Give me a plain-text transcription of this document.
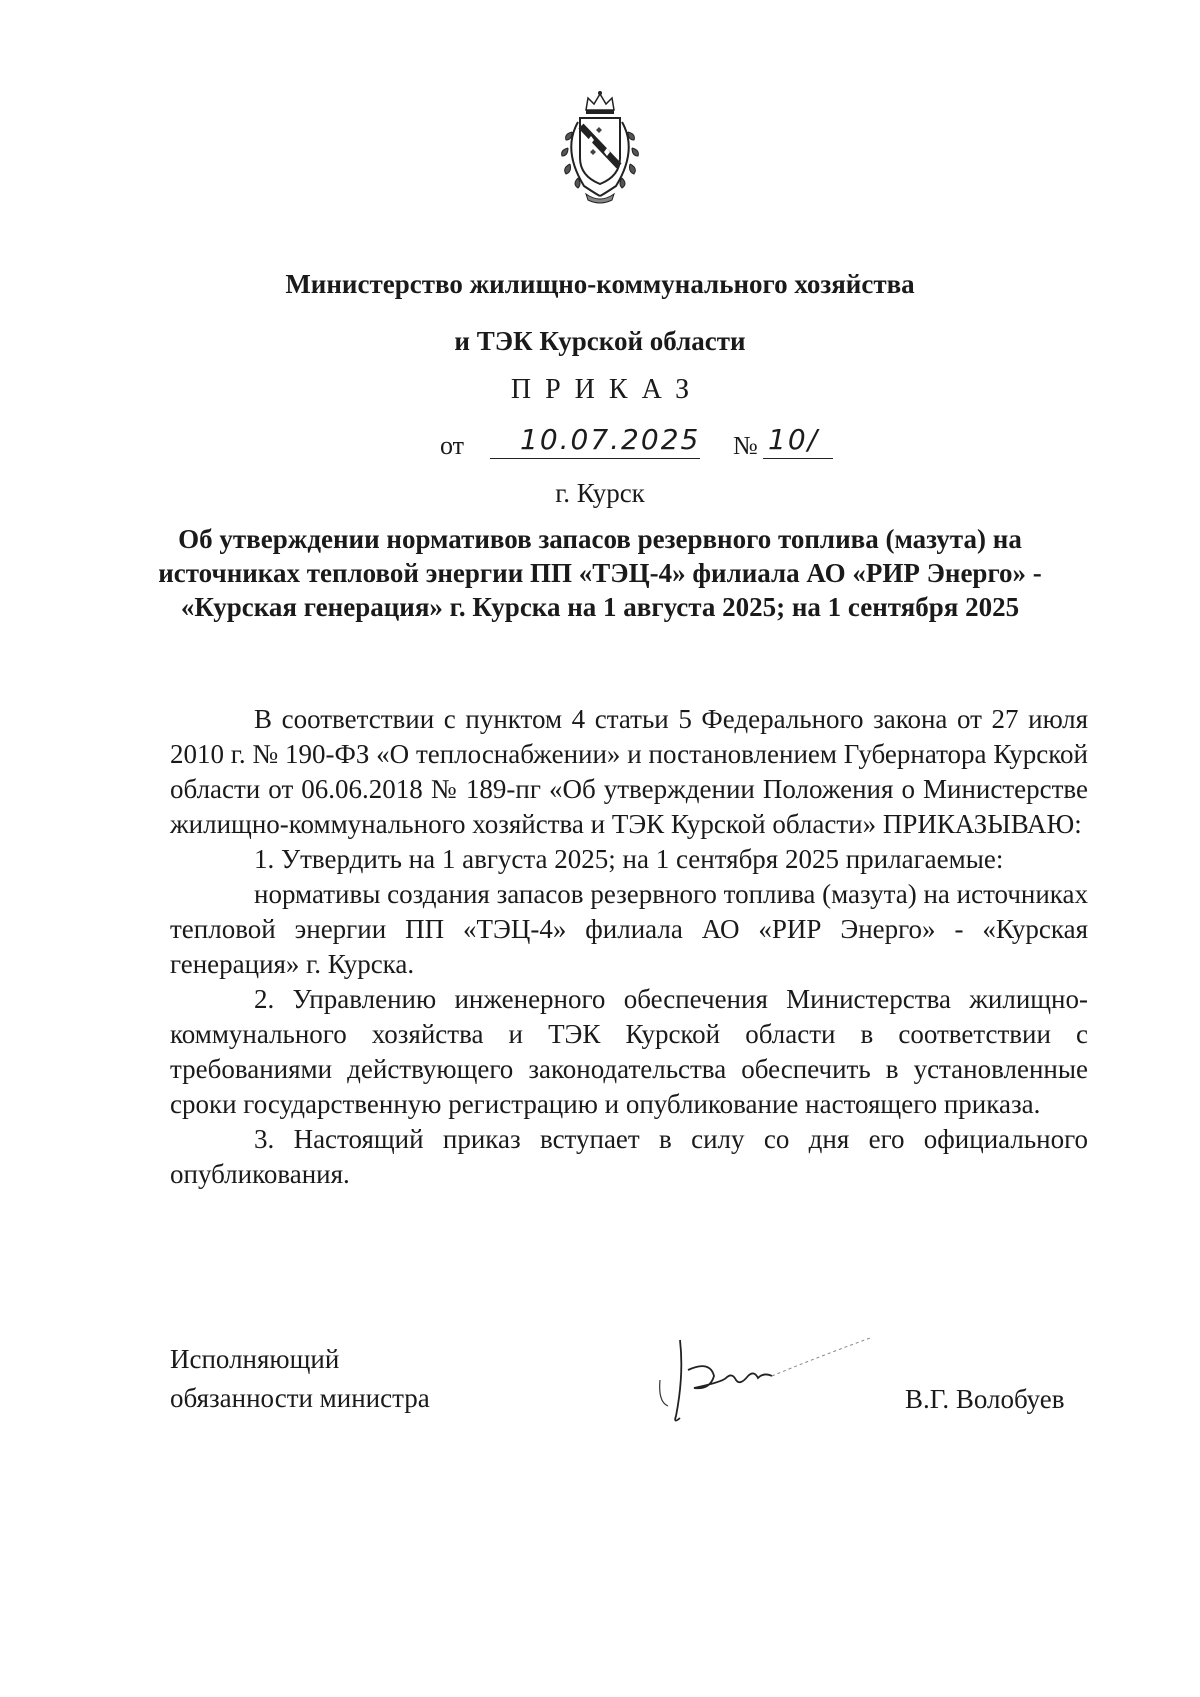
Министерство жилищно-коммунального хозяйства
и ТЭК Курской области
ПРИКАЗ
от 10.07.2025 № 10/
г. Курск
Об утверждении нормативов запасов резервного топлива (мазута) на источниках тепловой энергии ПП «ТЭЦ-4» филиала АО «РИР Энерго» - «Курская генерация» г. Курска на 1 августа 2025; на 1 сентября 2025

В соответствии с пунктом 4 статьи 5 Федерального закона от 27 июля 2010 г. № 190-ФЗ «О теплоснабжении» и постановлением Губернатора Курской области от 06.06.2018 № 189-пг «Об утверждении Положения о Министерстве жилищно-коммунального хозяйства и ТЭК Курской области» ПРИКАЗЫВАЮ:

1. Утвердить на 1 августа 2025; на 1 сентября 2025 прилагаемые:

нормативы создания запасов резервного топлива (мазута) на источниках тепловой энергии ПП «ТЭЦ-4» филиала АО «РИР Энерго» - «Курская генерация» г. Курска.

2. Управлению инженерного обеспечения Министерства жилищно-коммунального хозяйства и ТЭК Курской области в соответствии с требованиями действующего законодательства обеспечить в установленные сроки государственную регистрацию и опубликование настоящего приказа.

3. Настоящий приказ вступает в силу со дня его официального опубликования.

Исполняющий
обязанности министра	В.Г. Волобуев
